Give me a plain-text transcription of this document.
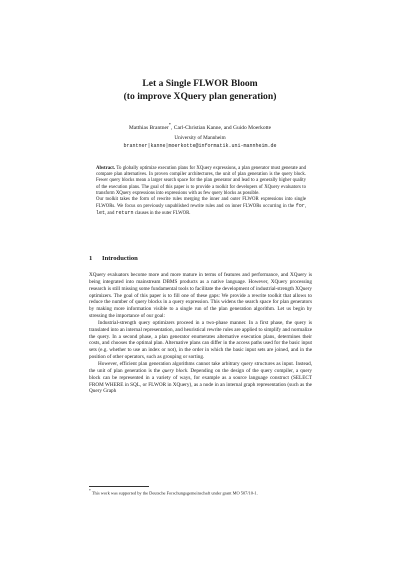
Let a Single FLWOR Bloom
(to improve XQuery plan generation)
Matthias Brantner*, Carl-Christian Kanne, and Guido Moerkotte
University of Mannheim
brantner|kanne|moerkotte@informatik.uni-mannheim.de

Abstract. To globally optimize execution plans for XQuery expressions, a plan generator must generate and compare plan alternatives. In proven compiler architectures, the unit of plan generation is the query block. Fewer query blocks mean a larger search space for the plan generator and lead to a generally higher quality of the execution plans. The goal of this paper is to provide a toolkit for developers of XQuery evaluators to transform XQuery expressions into expressions with as few query blocks as possible.

Our toolkit takes the form of rewrite rules merging the inner and outer FLWOR expressions into single FLWORs. We focus on previously unpublished rewrite rules and on inner FLWORs occurring in the for, let, and return clauses in the outer FLWOR.

1 Introduction

XQuery evaluators become more and more mature in terms of features and performance, and XQuery is being integrated into mainstream DBMS products as a native language. However, XQuery processing research is still missing some fundamental tools to facilitate the development of industrial-strength XQuery optimizers. The goal of this paper is to fill one of these gaps: We provide a rewrite toolkit that allows to reduce the number of query blocks in a query expression. This widens the search space for plan generators by making more information visible to a single run of the plan generation algorithm. Let us begin by stressing the importance of our goal:

Industrial-strength query optimizers proceed in a two-phase manner. In a first phase, the query is translated into an internal representation, and heuristical rewrite rules are applied to simplify and normalize the query. In a second phase, a plan generator enumerates alternative execution plans, determines their costs, and chooses the optimal plan. Alternative plans can differ in the access paths used for the basic input sets (e.g. whether to use an index or not), in the order in which the basic input sets are joined, and in the position of other operators, such as grouping or sorting.

However, efficient plan generation algorithms cannot take arbitrary query structures as input. Instead, the unit of plan generation is the query block. Depending on the design of the query compiler, a query block can be represented in a variety of ways, for example as a source language construct (SELECT FROM WHERE in SQL, or FLWOR in XQuery), as a node in an internal graph representation (such as the Query Graph

* This work was supported by the Deutsche Forschungsgemeinschaft under grant MO 507/10-1.
